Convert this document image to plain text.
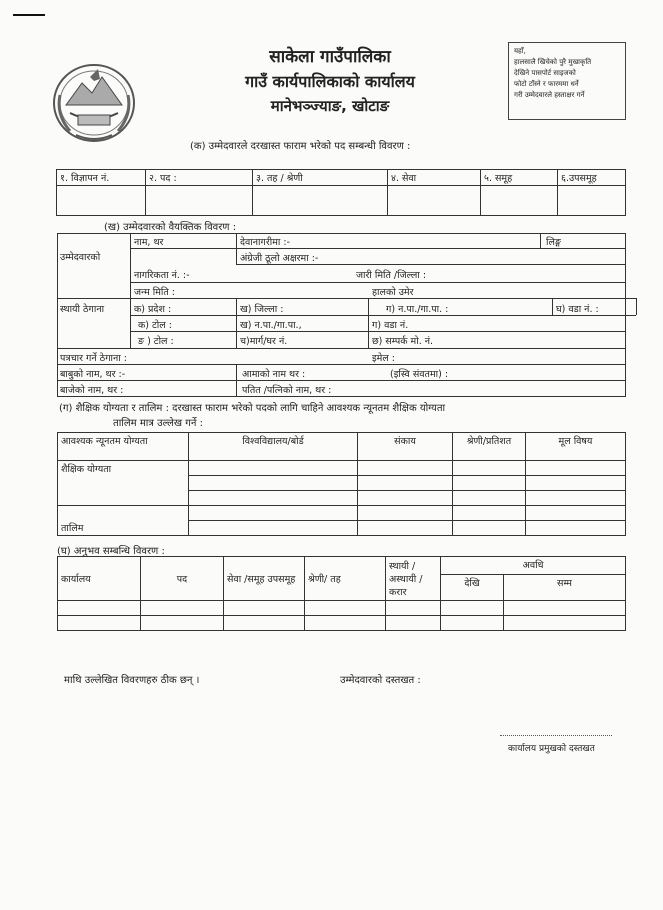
साकेला गाउँपालिका
गाउँ कार्यपालिकाको कार्यालय
मानेभञ्ज्याङ, खोटाङ
यहाँ,
हालसालै खिचेको पुरै मुखाकृति
देखिने पासपोर्ट साइजको
फोटो टाँस्ने र फारममा धर्ने
गरी उम्मेदवारले हस्ताक्षर गर्ने
(क) उम्मेदवारले दरखास्त फाराम भरेको पद सम्बन्धी विवरण :
१. विज्ञापन नं.	२. पद :	३. तह / श्रेणी	४. सेवा	५. समूह	६.उपसमूह

(ख) उम्मेदवारको वैयक्तिक विवरण :
उम्मेदवारको
नाम, थर	देवानागरीमा :-	लिङ्ग
अंग्रेजी ठूलो अक्षरमा :-
नागरिकता नं. :-	जारी मिति /जिल्ला :
जन्म मिति :	हालको उमेर
स्थायी ठेगाना	क) प्रदेश :	ख) जिल्ला :	ग) न.पा./गा.पा. :	घ) वडा नं. :
क) टोल :	ख) न.पा./गा.पा.,	ग) वडा नं.
ङ ) टोल :	च)मार्ग/घर नं.	छ) सम्पर्क मो. नं.
पत्रचार गर्ने ठेगाना :	इमेल :
बाबुको नाम, थर :-	आमाको नाम थर :	(इस्वि संवतमा) :
बाजेको नाम, थर :	पतित /पत्निको नाम, थर :
(ग) शैक्षिक योग्यता र तालिम : दरखास्त फाराम भरेको पदको लागि चाहिने आवश्यक न्यूनतम शैक्षिक योग्यता
तालिम मात्र उल्लेख गर्ने :
आवश्यक न्यूनतम योग्यता	विश्वविद्यालय/बोर्ड	संकाय	श्रेणी/प्रतिशत	मूल विषय
शैक्षिक योग्यता				

तालिम				

(घ) अनुभव सम्बन्धि विवरण :
कार्यालय	पद	सेवा /समूह उपसमूह	श्रेणी/ तह	स्थायी /अस्थायी /करार	अवधि	
					देखि	सम्म

माथि उल्लेखित विवरणहरु ठीक छन् ।	उम्मेदवारको दस्तखत :
कार्यालय प्रमुखको दस्तखत
